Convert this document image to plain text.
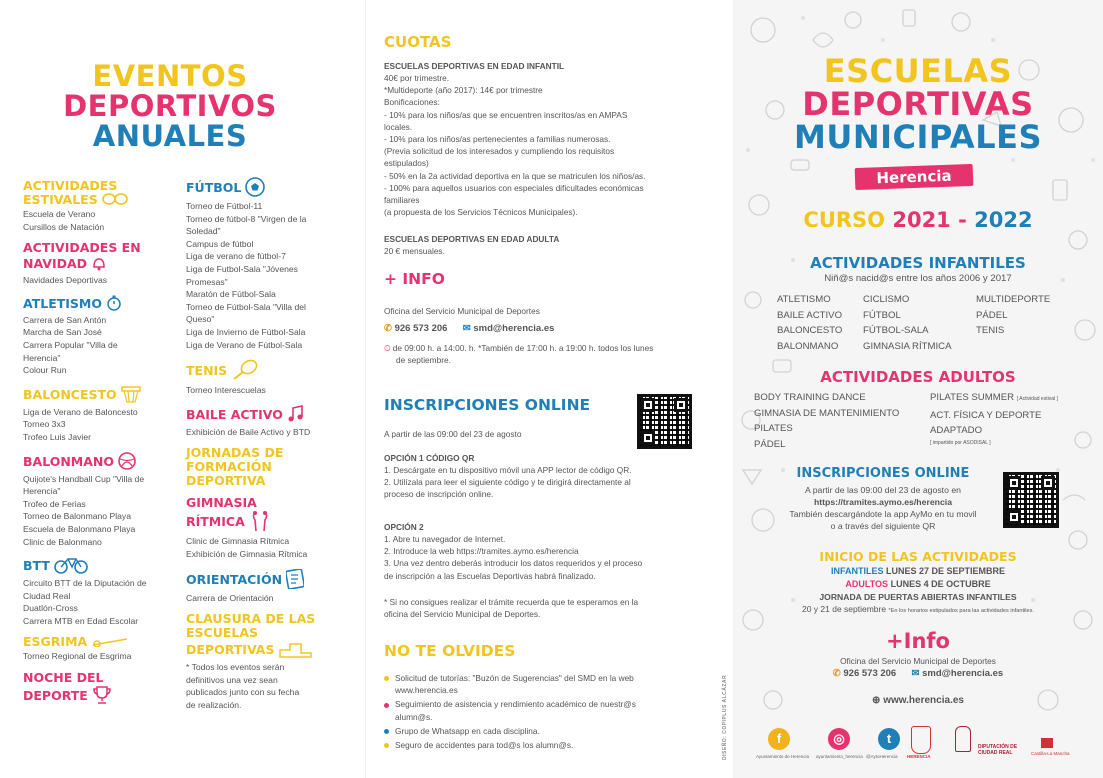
EVENTOS
DEPORTIVOS
ANUALES
ACTIVIDADES
ESTIVALES
Escuela de Verano
Cursillos de Natación
ACTIVIDADES EN
NAVIDAD
Navidades Deportivas
ATLETISMO
Carrera de San Antón
Marcha de San José
Carrera Popular "Villa de
Herencia"
Colour Run
BALONCESTO
Liga de Verano de Baloncesto
Torneo 3x3
Trofeo Luis Javier
BALONMANO
Quijote's Handball Cup "Villa de
Herencia"
Trofeo de Ferias
Torneo de Balonmano Playa
Escuela de Balonmano Playa
Clinic de Balonmano
BTT
Circuito BTT de la Diputación de
Ciudad Real
Duatlón-Cross
Carrera MTB en Edad Escolar
ESGRIMA
Torneo Regional de Esgrima
NOCHE DEL
DEPORTE
FÚTBOL
Torneo de Fútbol-11
Torneo de fútbol-8 "Virgen de la
Soledad"
Campus de fútbol
Liga de verano de fútbol-7
Liga de Futbol-Sala "Jóvenes
Promesas"
Maratón de Fútbol-Sala
Torneo de Fútbol-Sala "Villa del
Queso"
Liga de Invierno de Fútbol-Sala
Liga de Verano de Fútbol-Sala
TENIS
Torneo Interescuelas
BAILE ACTIVO
Exhibición de Baile Activo y BTD
JORNADAS DE
FORMACIÓN
DEPORTIVA
GIMNASIA
RÍTMICA
Clinic de Gimnasia Rítmica
Exhibición de Gimnasia Rítmica
ORIENTACIÓN
Carrera de Orientación
CLAUSURA DE LAS
ESCUELAS
DEPORTIVAS
* Todos los eventos serán
definitivos una vez sean
publicados junto con su fecha
de realización.
CUOTAS
ESCUELAS DEPORTIVAS EN EDAD INFANTIL
40€ por trimestre.
*Multideporte (año 2017): 14€ por trimestre
Bonificaciones:
- 10% para los niños/as que se encuentren inscritos/as en AMPAS
locales.
- 10% para los niños/as pertenecientes a familias numerosas.
(Previa solicitud de los interesados y cumpliendo los requisitos
estipulados)
- 50% en la 2a actividad deportiva en la que se matriculen los niños/as.
- 100% para aquellos usuarios con especiales dificultades económicas
familiares
(a propuesta de los Servicios Técnicos Municipales).
ESCUELAS DEPORTIVAS EN EDAD ADULTA
20 € mensuales.
+ INFO
Oficina del Servicio Municipal de Deportes
✆ 926 573 206 ✉ smd@herencia.es
⏲ de 09:00 h. a 14:00. h. *También de 17:00 h. a 19:00 h. todos los lunes
de septiembre.
INSCRIPCIONES ONLINE
A partir de las 09:00 del 23 de agosto
OPCIÓN 1 CÓDIGO QR
1. Descárgate en tu dispositivo móvil una APP lector de código QR.
2. Utilízala para leer el siguiente código y te dirigirá directamente al
proceso de inscripción online.
OPCIÓN 2
1. Abre tu navegador de Internet.
2. Introduce la web https://tramites.aymo.es/herencia
3. Una vez dentro deberás introducir los datos requeridos y el proceso
de inscripción a las Escuelas Deportivas habrá finalizado.
* Si no consigues realizar el trámite recuerda que te esperamos en la
oficina del Servicio Municipal de Deportes.
NO TE OLVIDES
Solicitud de tutorías: "Buzón de Sugerencias" del SMD en la web
www.herencia.es
Seguimiento de asistencia y rendimiento académico de nuestr@s
alumn@s.
Grupo de Whatsapp en cada disciplina.
Seguro de accidentes para tod@s los alumn@s.	DISEÑO: COPIPLUS ALCÁZAR
ESCUELAS
DEPORTIVAS
MUNICIPALES
Herencia
CURSO 2021 - 2022
ACTIVIDADES INFANTILES
Niñ@s nacid@s entre los años 2006 y 2017
ATLETISMO
BAILE ACTIVO
BALONCESTO
BALONMANO
CICLISMO
FÚTBOL
FÚTBOL-SALA
GIMNASIA RÍTMICA
MULTIDEPORTE
PÁDEL
TENIS
ACTIVIDADES ADULTOS
BODY TRAINING DANCE
GIMNASIA DE MANTENIMIENTO
PILATES
PÁDEL
PILATES SUMMER [ Actividad estival ]
ACT. FÍSICA Y DEPORTE
ADAPTADO
[ impartido por ASODISAL ]
INSCRIPCIONES ONLINE
A partir de las 09:00 del 23 de agosto en
https://tramites.aymo.es/herencia
También descargándote la app AyMo en tu movil
o a través del siguiente QR
INICIO DE LAS ACTIVIDADES
INFANTILES LUNES 27 DE SEPTIEMBRE
ADULTOS LUNES 4 DE OCTUBRE
JORNADA DE PUERTAS ABIERTAS INFANTILES
20 y 21 de septiembre *En los horarios estipulados para las actividades infantiles.
+Info
Oficina del Servicio Municipal de Deportes
✆ 926 573 206 ✉ smd@herencia.es
⊕ www.herencia.es
HERENCIA
DIPUTACIÓN DE CIUDAD REAL	Castilla-La Mancha
f
Ayuntamiento de Herencia
◎
ayuntamiento_herencia
t
@AytoHerencia
